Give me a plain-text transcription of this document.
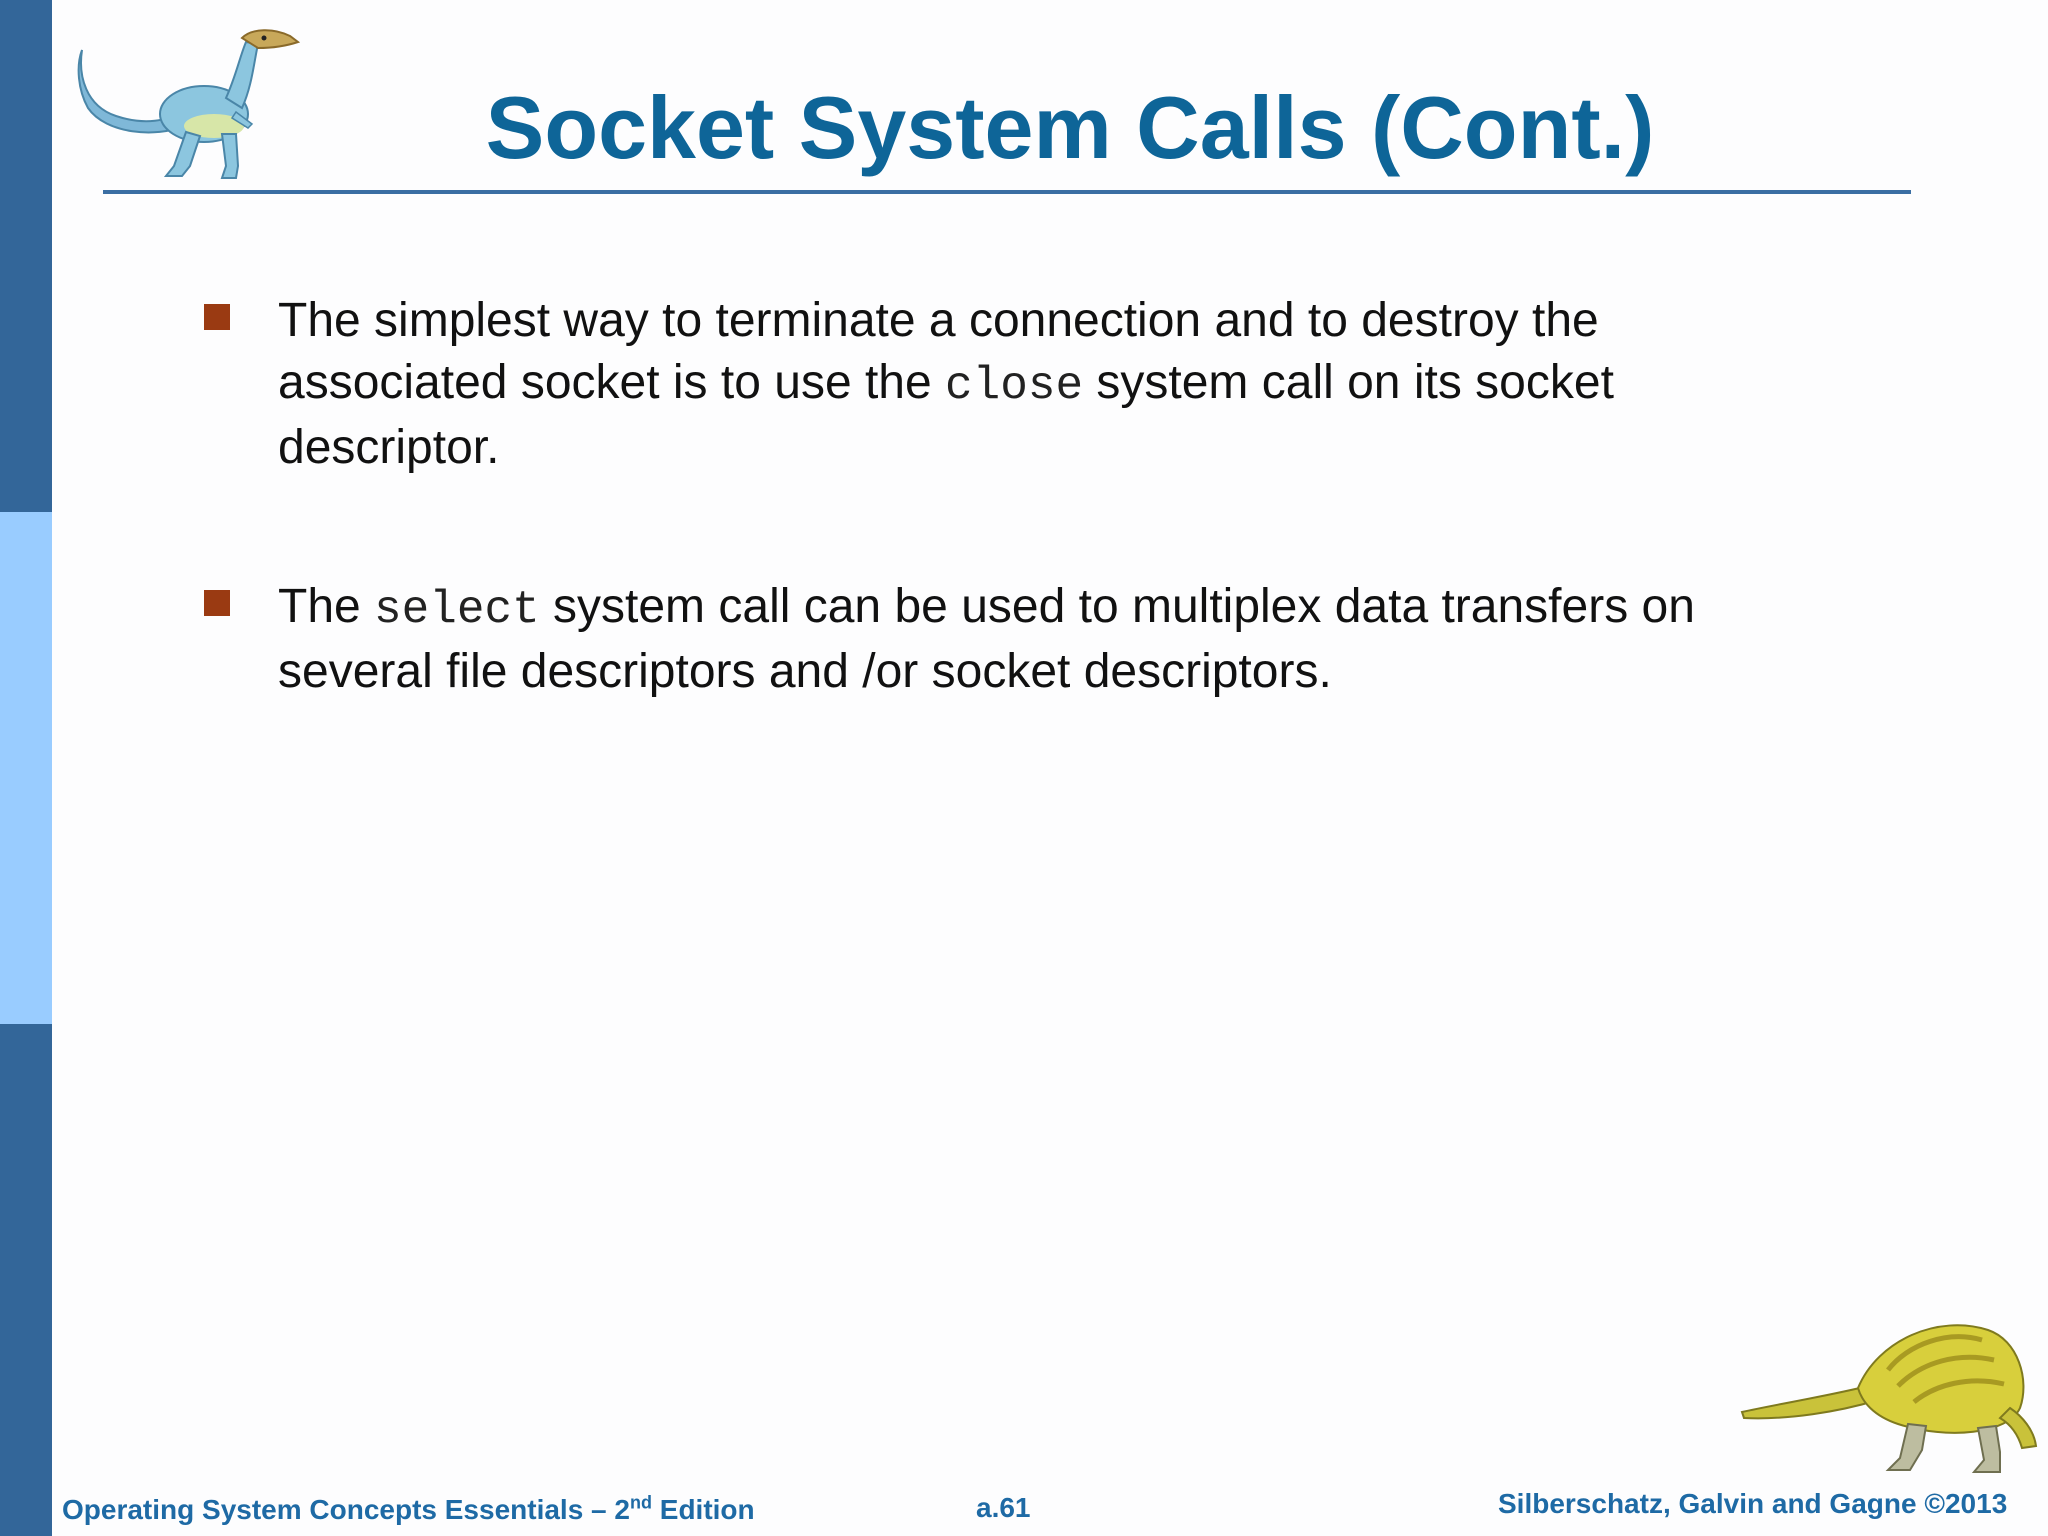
Socket System Calls (Cont.)

The simplest way to terminate a connection and to destroy the associated socket is to use the close system call on its socket descriptor.

The select system call can be used to multiplex data transfers on several file descriptors and /or socket descriptors.

Operating System Concepts Essentials – 2nd Edition	a.61	Silberschatz, Galvin and Gagne ©2013
